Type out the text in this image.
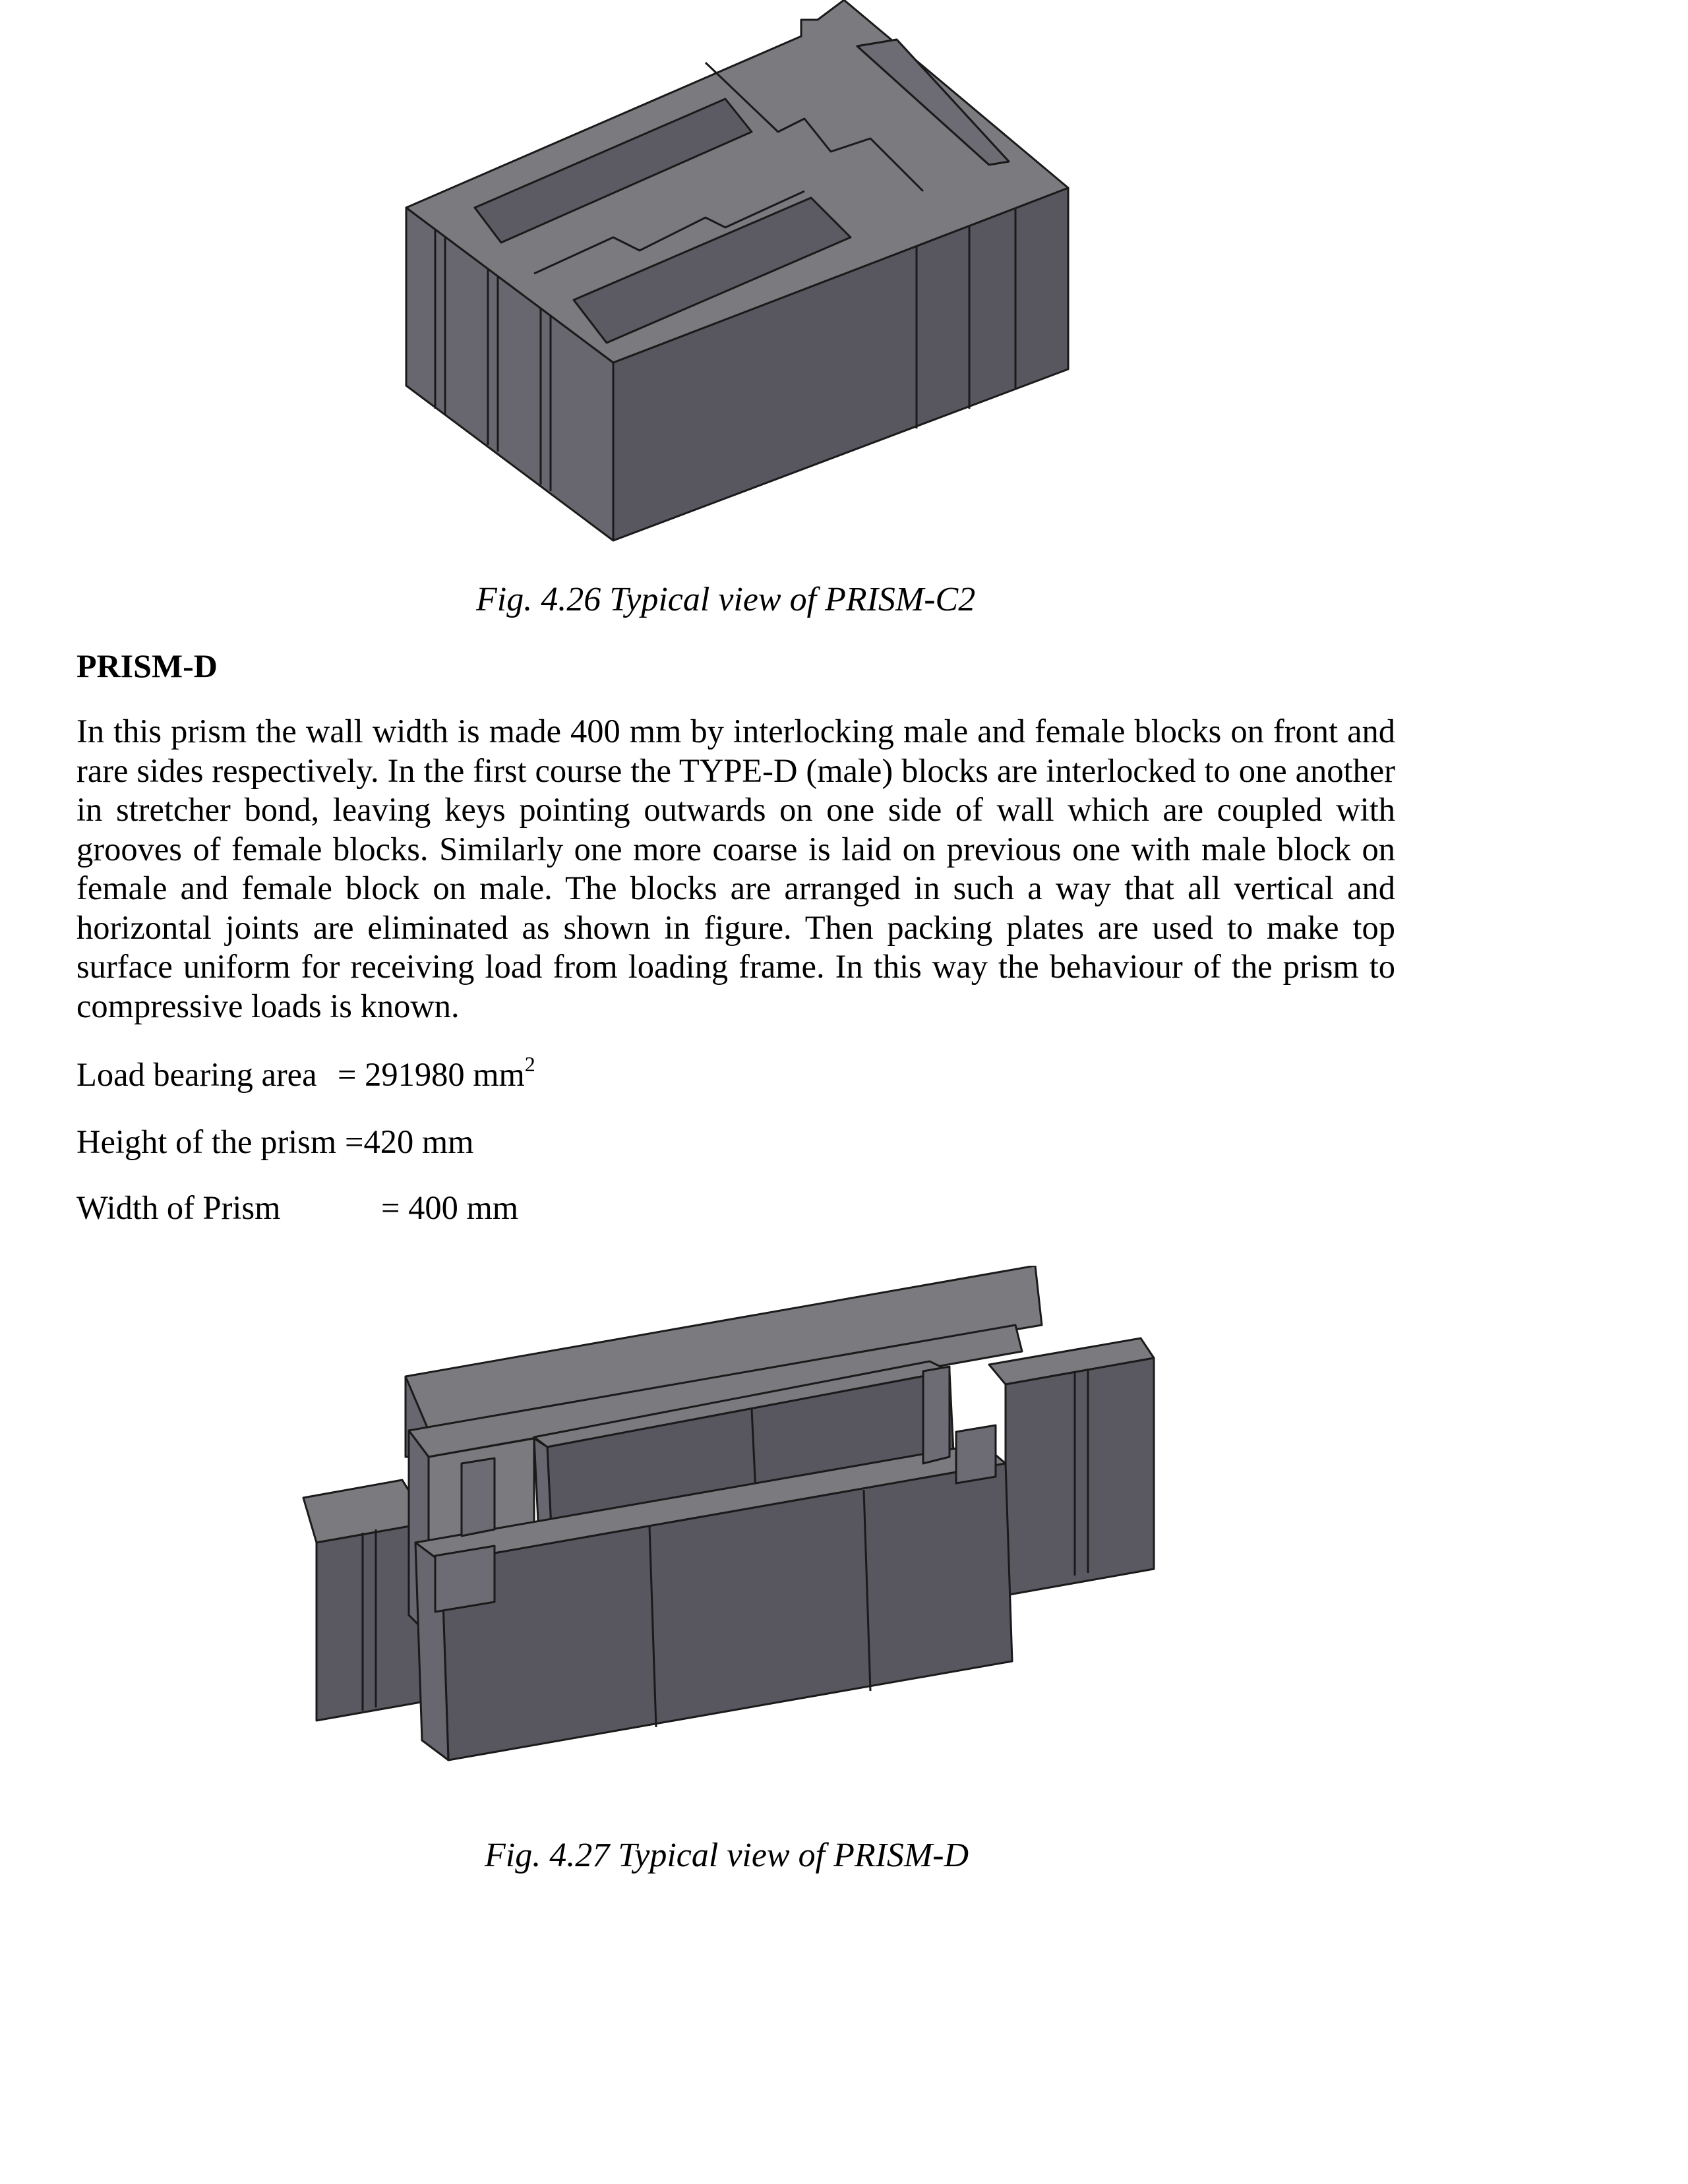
Fig. 4.26 Typical view of PRISM-C2
PRISM-D
In this prism the wall width is made 400 mm by interlocking male and female blocks on front and rare sides respectively. In the first course the TYPE-D (male) blocks are interlocked to one another in stretcher bond, leaving keys pointing outwards on one side of wall which are coupled with grooves of female blocks. Similarly one more coarse is laid on previous one with male block on female and female block on male. The blocks are arranged in such a way that all vertical and horizontal joints are eliminated as shown in figure. Then packing plates are used to make top surface uniform for receiving load from loading frame. In this way the behaviour of the prism to compressive loads is known.
Load bearing area = 291980 $mm^2$
Height of the prism =420 mm
Width of Prism	= 400 mm
Fig. 4.27 Typical view of PRISM-D
